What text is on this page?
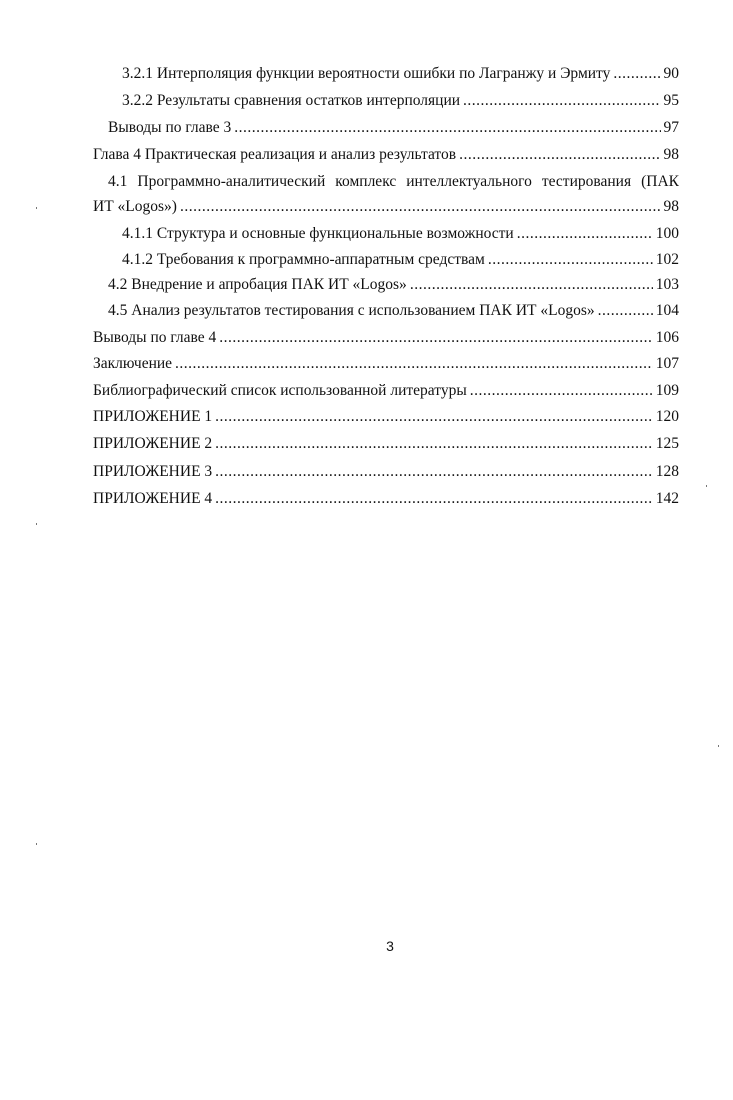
3.2.1 Интерполяция функции вероятности ошибки по Лагранжу и Эрмиту .....	90
3.2.2 Результаты сравнения остатков интерполяции .....	95
Выводы по главе 3 .....	97
Глава 4 Практическая реализация и анализ результатов .....	98
4.1 Программно-аналитический комплекс интеллектуального тестирования (ПАК
ИТ «Logos») .....	98
4.1.1 Структура и основные функциональные возможности .....	100
4.1.2 Требования к программно-аппаратным средствам .....	102
4.2 Внедрение и апробация ПАК ИТ «Logos» .....	103
4.5 Анализ результатов тестирования с использованием ПАК ИТ «Logos» .....	104
Выводы по главе 4 .....	106
Заключение .....	107
Библиографический список использованной литературы .....	109
ПРИЛОЖЕНИЕ 1 .....	120
ПРИЛОЖЕНИЕ 2 .....	125
ПРИЛОЖЕНИЕ 3 .....	128
ПРИЛОЖЕНИЕ 4 .....	142
3
